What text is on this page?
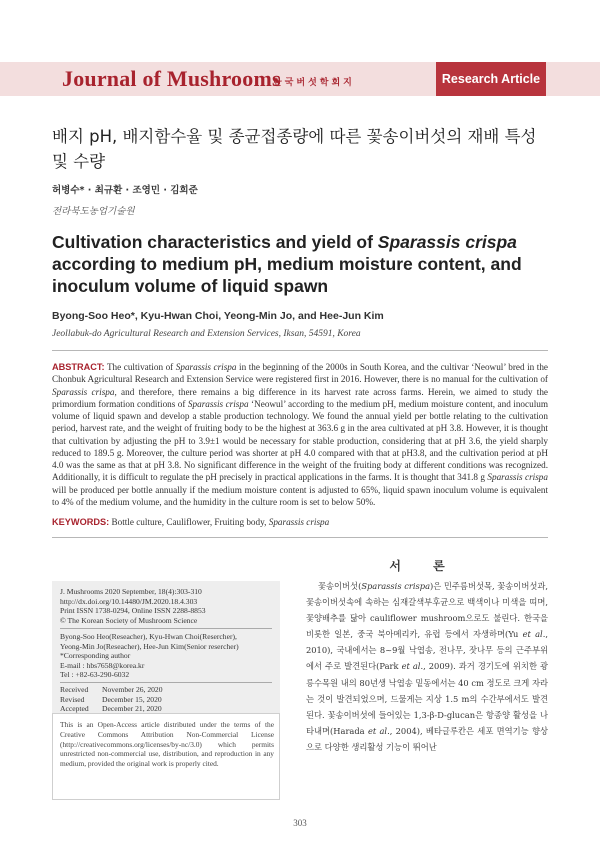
Journal of Mushrooms
한국버섯학회지	Research Article
배지 pH, 배지함수율 및 종균접종량에 따른 꽃송이버섯의 재배 특성 및 수량
허병수* · 최규환 · 조영민 · 김희준
전라북도농업기술원
Cultivation characteristics and yield of Sparassis crispa according to medium pH, medium moisture content, and inoculum volume of liquid spawn
Byong-Soo Heo*, Kyu-Hwan Choi, Yeong-Min Jo, and Hee-Jun Kim
Jeollabuk-do Agricultural Research and Extension Services, Iksan, 54591, Korea
ABSTRACT: The cultivation of Sparassis crispa in the beginning of the 2000s in South Korea, and the cultivar ‘Neowul’ bred in the Chonbuk Agricultural Research and Extension Service were registered first in 2016. However, there is no manual for the cultivation of Sparassis crispa, and therefore, there remains a big difference in its harvest rate across farms. Herein, we aimed to study the primordium formation conditions of Sparassis crispa ‘Neowul’ according to the medium pH, medium moisture content, and inoculum volume of liquid spawn and develop a stable production technology. We found the annual yield per bottle relating to the cultivation period, harvest rate, and the weight of fruiting body to be the highest at 363.6 g in the area cultivated at pH 3.8. However, it is thought that cultivation by adjusting the pH to 3.9±1 would be necessary for stable production, considering that at pH 3.6, the yield sharply reduced to 189.5 g. Moreover, the culture period was shorter at pH 4.0 compared with that at pH3.8, and the cultivation period at pH 4.0 was the same as that at pH 3.8. No significant difference in the weight of the fruiting body at different conditions was recognized. Additionally, it is difficult to regulate the pH precisely in practical applications in the farms. It is thought that 341.8 g Sparassis crispa will be produced per bottle annually if the medium moisture content is adjusted to 65%, liquid spawn inoculum volume is equivalent to 4% of the medium volume, and the humidity in the culture room is set to below 50%.
KEYWORDS: Bottle culture, Cauliflower, Fruiting body, Sparassis crispa
J. Mushrooms 2020 September, 18(4):303-310
http://dx.doi.org/10.14480/JM.2020.18.4.303
Print ISSN 1738-0294, Online ISSN 2288-8853
© The Korean Society of Mushroom Science
Byong-Soo Heo(Reseacher), Kyu-Hwan Choi(Resercher),
Yeong-Min Jo(Reseacher), Hee-Jun Kim(Senior resercher)
*Corresponding author
E-mail : hbs7658@korea.kr
Tel : +82-63-290-6032
Received November 26, 2020
Revised December 15, 2020
Accepted December 21, 2020
This is an Open-Access article distributed under the terms of the Creative Commons Attribution Non-Commercial License (http://creativecommons.org/licenses/by-nc/3.0) which permits unrestricted non-commercial use, distribution, and reproduction in any medium, provided the original work is properly cited.
서 론
꽃송이버섯(Sparassis crispa)은 민주름버섯목, 꽃송이버섯과, 꽃송이버섯속에 속하는 심재갈색부후균으로 백색이나 미색을 띠며, 꽃양배추를 닮아 cauliflower mushroom으로도 불린다. 한국을 비롯한 일본, 중국 북아메리카, 유럽 등에서 자생하며(Yu et al., 2010), 국내에서는 8~9월 낙엽송, 전나무, 잣나무 등의 근주부위에서 주로 발견된다(Park et al., 2009). 과거 경기도에 위치한 광릉수목원 내의 80년생 낙엽송 밑동에서는 40 cm 정도로 크게 자라는 것이 발견되었으며, 드물게는 지상 1.5 m의 수간부에서도 발견된다. 꽃송이버섯에 들어있는 1,3-β-D-glucan은 항종양 활성을 나타내며(Harada et al., 2004), 베타글루칸은 세포 면역기능 향상으로 다양한 생리활성 기능이 뛰어난
303
